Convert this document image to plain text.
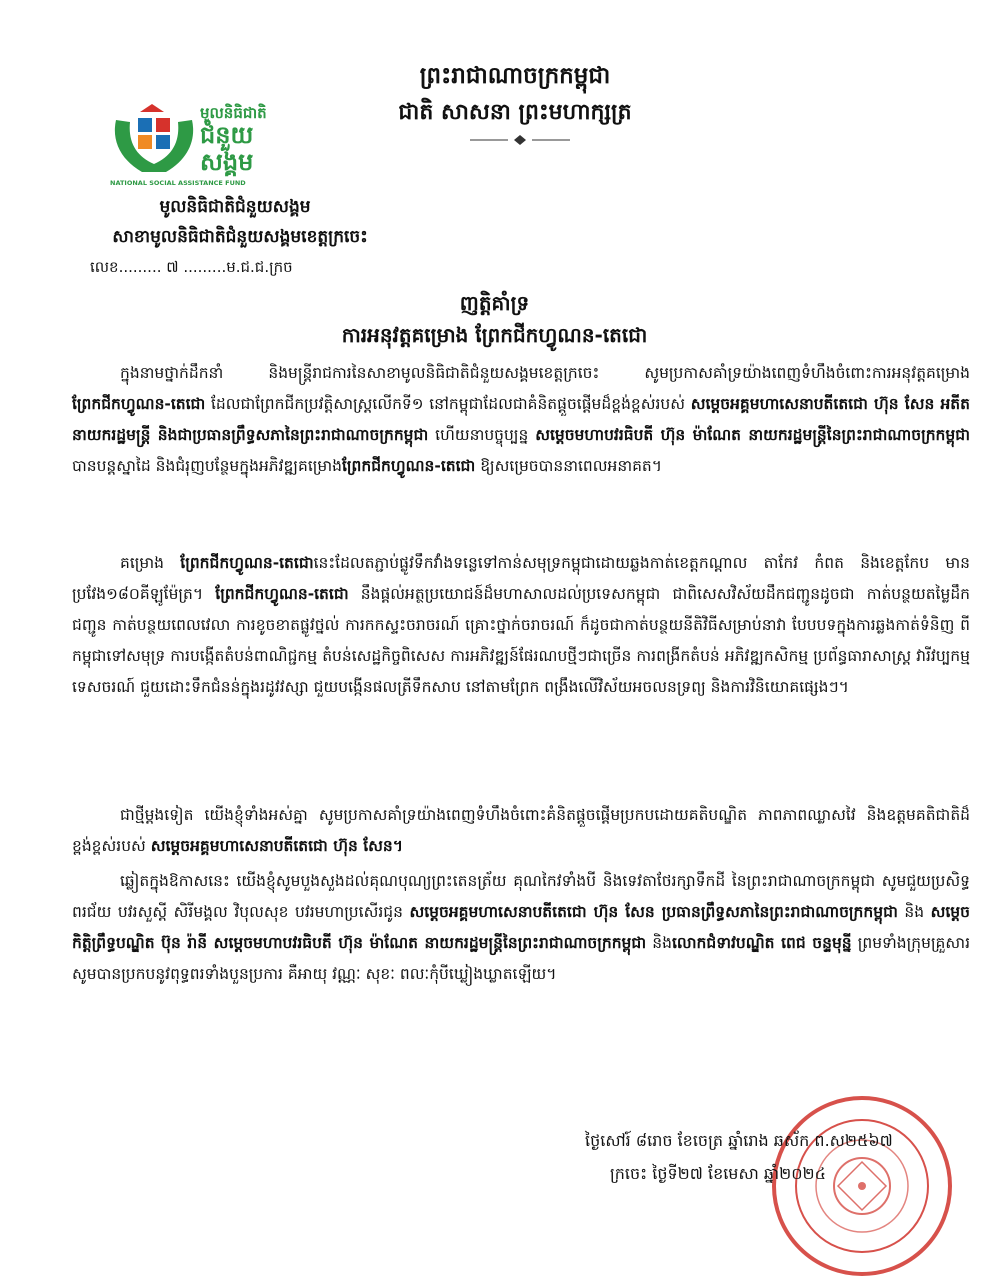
ព្រះរាជាណាចក្រកម្ពុជា
ជាតិ សាសនា ព្រះមហាក្សត្រ
មូលនិធិជាតិ
ជំនួយ
សង្គម
NATIONAL SOCIAL ASSISTANCE FUND
មូលនិធិជាតិជំនួយសង្គម
សាខាមូលនិធិជាតិជំនួយសង្គមខេត្តក្រចេះ
លេខ......... ៧ .........ម.ជ.ជ.ក្រច
ញត្តិគាំទ្រ
ការអនុវត្តគម្រោង ព្រែកជីកហ្វូណន-តេជោ
ក្នុងនាមថ្នាក់ដឹកនាំ និងមន្ត្រីរាជការនៃសាខាមូលនិធិជាតិជំនួយសង្គមខេត្តក្រចេះ សូមប្រកាសគាំទ្រយ៉ាងពេញទំហឹងចំពោះការអនុវត្តគម្រោងព្រែកជីកហ្វូណន-តេជោ ដែលជាព្រែកជីកប្រវត្តិសាស្ត្រលើកទី១ នៅកម្ពុជាដែលជាគំនិតផ្តួចផ្តើមដ៏ខ្ពង់ខ្ពស់របស់ សម្តេចអគ្គមហាសេនាបតីតេជោ ហ៊ុន សែន អតីតនាយករដ្ឋមន្ត្រី និងជាប្រធានព្រឹទ្ធសភានៃព្រះរាជាណាចក្រកម្ពុជា ហើយនាបច្ចុប្បន្ន សម្តេចមហាបវរធិបតី ហ៊ុន ម៉ាណែត នាយករដ្ឋមន្ត្រីនៃព្រះរាជាណាចក្រកម្ពុជា បានបន្តស្នាដៃ និងជំរុញបន្ថែមក្នុងអភិវឌ្ឍគម្រោងព្រែកជីកហ្វូណន-តេជោ ឱ្យសម្រេចបាននាពេលអនាគត។
គម្រោង ព្រែកជីកហ្វូណន-តេជោនេះដែលតភ្ជាប់ផ្លូវទឹកវាំងទន្លេទៅកាន់សមុទ្រកម្ពុជាដោយឆ្លងកាត់ខេត្តកណ្តាល តាកែវ កំពត និងខេត្តកែប មានប្រវែង១៨០គីឡូម៉ែត្រ។ ព្រែកជីកហ្វូណន-តេជោ នឹងផ្តល់អត្ថប្រយោជន៍ដ៏មហាសាលដល់ប្រទេសកម្ពុជា ជាពិសេសវិស័យដឹកជញ្ជូនដូចជា កាត់បន្ថយតម្លៃដឹកជញ្ជូន កាត់បន្ថយពេលវេលា ការខូចខាតផ្លូវថ្នល់ ការកកស្ទះចរាចរណ៍ គ្រោះថ្នាក់ចរាចរណ៍ ក៏ដូចជាកាត់បន្ថយនីតិវិធីសម្រាប់នាវា បែបបទក្នុងការឆ្លងកាត់ទំនិញ ពីកម្ពុជាទៅសមុទ្រ ការបង្កើតតំបន់ពាណិជ្ជកម្ម តំបន់សេដ្ឋកិច្ចពិសេស ការអភិវឌ្ឍន៍ផែរណបថ្មីៗជាច្រើន ការពង្រីកតំបន់ អភិវឌ្ឍកសិកម្ម ប្រព័ន្ធធារាសាស្ត្រ វារីវប្បកម្ម ទេសចរណ៍ ជួយដោះទឹកជំនន់ក្នុងរដូវវស្សា ជួយបង្កើនផលត្រីទឹកសាប នៅតាមព្រែក ពង្រឹងលើវិស័យអចលនទ្រព្យ និងការវិនិយោគផ្សេងៗ។
ជាថ្មីម្តងទៀត យើងខ្ញុំទាំងអស់គ្នា សូមប្រកាសគាំទ្រយ៉ាងពេញទំហឹងចំពោះគំនិតផ្តួចផ្តើមប្រកបដោយគតិបណ្ឌិត ភាពភាពឈ្លាសវៃ និងឧត្តមគតិជាតិដ៏ខ្ពង់ខ្ពស់របស់ សម្តេចអគ្គមហាសេនាបតីតេជោ ហ៊ុន សែន។
ឆ្លៀតក្នុងឱកាសនេះ យើងខ្ញុំសូមបួងសួងដល់គុណបុណ្យព្រះតេនត្រ័យ គុណកៃវទាំងបី និងទេវតាថែរក្សាទឹកដី នៃព្រះរាជាណាចក្រកម្ពុជា សូមជួយប្រសិទ្ធពរជ័យ បវរសួស្តី សិរីមង្គល វិបុលសុខ បវរមហាប្រសើរជូន សម្តេចអគ្គមហាសេនាបតីតេជោ ហ៊ុន សែន ប្រធានព្រឹទ្ធសភានៃព្រះរាជាណាចក្រកម្ពុជា និង សម្តេចកិត្តិព្រឹទ្ធបណ្ឌិត ប៊ុន រ៉ានី សម្តេចមហាបវរធិបតី ហ៊ុន ម៉ាណែត នាយករដ្ឋមន្ត្រីនៃព្រះរាជាណាចក្រកម្ពុជា និងលោកជំទាវបណ្ឌិត ពេជ ចន្ទមុន្នី ព្រមទាំងក្រុមគ្រួសារ សូមបានប្រកបនូវពុទ្ធពរទាំងបួនប្រការ គឺអាយុ វណ្ណៈ សុខៈ ពលៈកុំបីឃ្លៀងឃ្លាតឡើយ។
ថ្ងៃសៅរ៍ ៨រោច ខែចេត្រ ឆ្នាំរោង ឆស័ក ព.ស២៥៦៧
ក្រចេះ ថ្ងៃទី២៧ ខែមេសា ឆ្នាំ២០២៤
